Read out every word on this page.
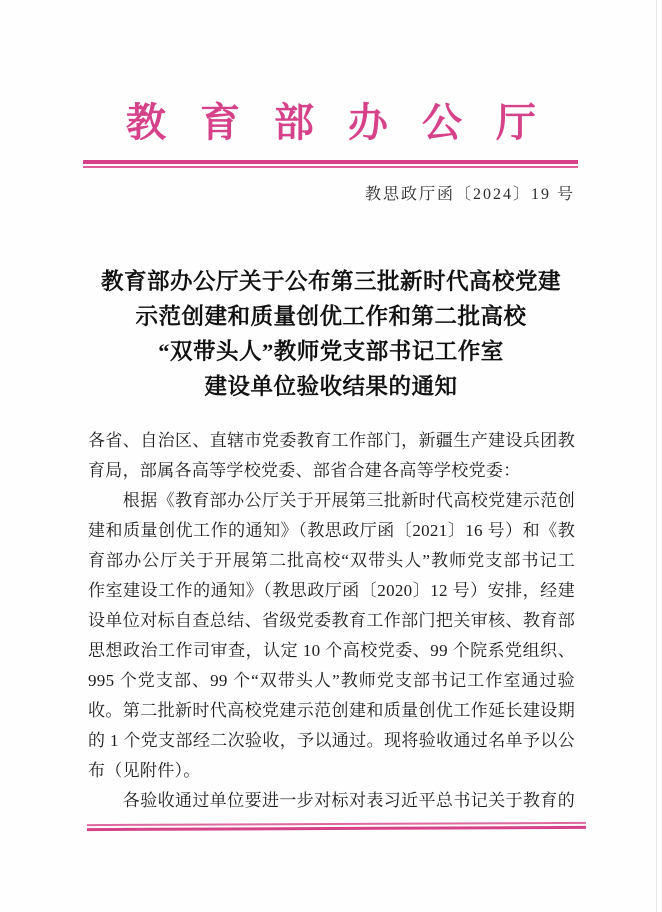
教育部办公厅
教思政厅函〔2024〕19 号
教育部办公厅关于公布第三批新时代高校党建
示范创建和质量创优工作和第二批高校
“双带头人”教师党支部书记工作室
建设单位验收结果的通知
各省、自治区、直辖市党委教育工作部门，新疆生产建设兵团教
育局，部属各高等学校党委、部省合建各高等学校党委：
　　根据《教育部办公厅关于开展第三批新时代高校党建示范创
建和质量创优工作的通知》（教思政厅函〔2021〕16 号）和《教
育部办公厅关于开展第二批高校“双带头人”教师党支部书记工
作室建设工作的通知》（教思政厅函〔2020〕12 号）安排，经建
设单位对标自查总结、省级党委教育工作部门把关审核、教育部
思想政治工作司审查，认定 10 个高校党委、99 个院系党组织、
995 个党支部、99 个“双带头人”教师党支部书记工作室通过验
收。第二批新时代高校党建示范创建和质量创优工作延长建设期
的 1 个党支部经二次验收，予以通过。现将验收通过名单予以公
布（见附件）。
　　各验收通过单位要进一步对标对表习近平总书记关于教育的
